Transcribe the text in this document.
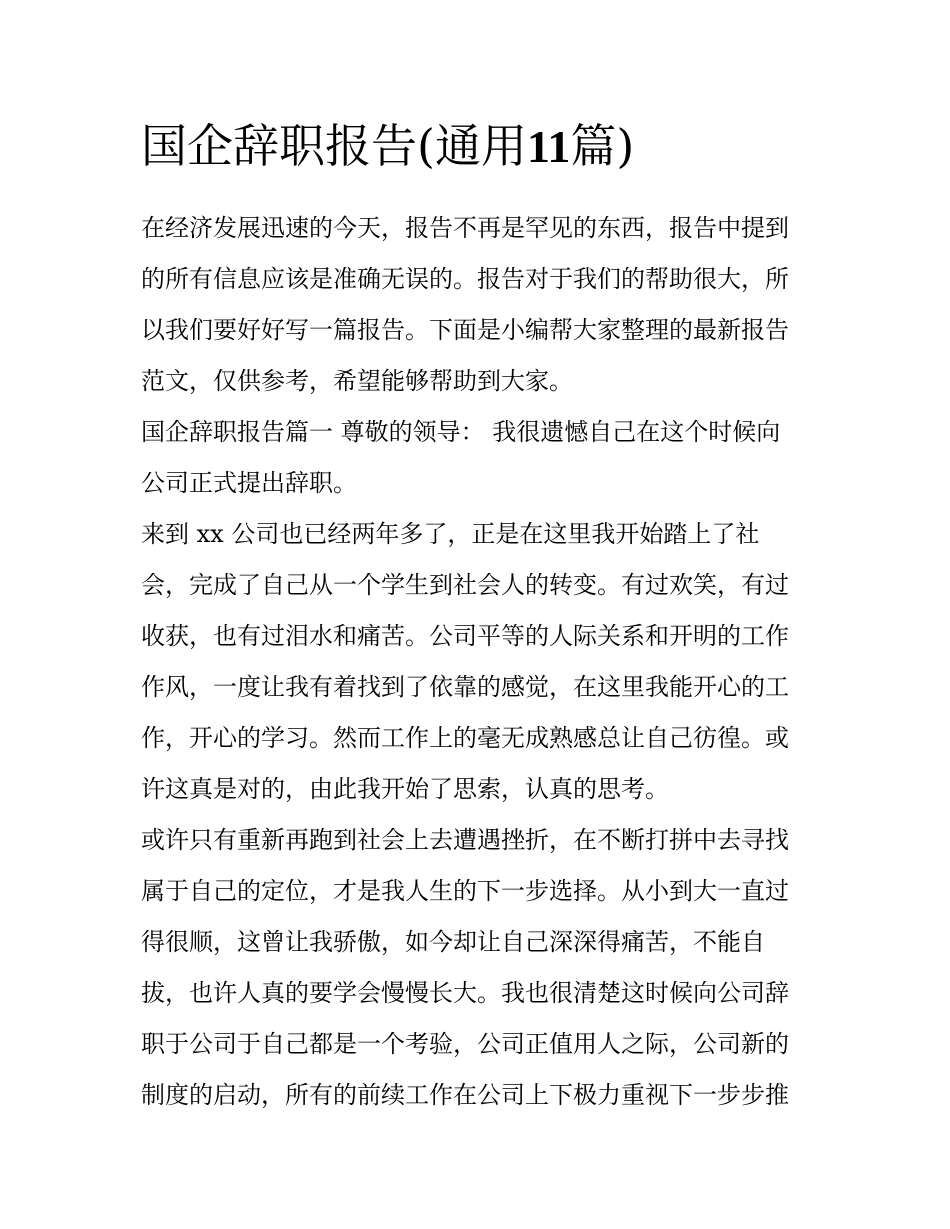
国企辞职报告(通用11篇)

在经济发展迅速的今天，报告不再是罕见的东西，报告中提到
的所有信息应该是准确无误的。报告对于我们的帮助很大，所
以我们要好好写一篇报告。下面是小编帮大家整理的最新报告
范文，仅供参考，希望能够帮助到大家。

国企辞职报告篇一 尊敬的领导： 我很遗憾自己在这个时候向
公司正式提出辞职。

来到 xx 公司也已经两年多了，正是在这里我开始踏上了社
会，完成了自己从一个学生到社会人的转变。有过欢笑，有过
收获，也有过泪水和痛苦。公司平等的人际关系和开明的工作
作风，一度让我有着找到了依靠的感觉，在这里我能开心的工
作，开心的学习。然而工作上的毫无成熟感总让自己彷徨。或
许这真是对的，由此我开始了思索，认真的思考。

或许只有重新再跑到社会上去遭遇挫折，在不断打拼中去寻找
属于自己的定位，才是我人生的下一步选择。从小到大一直过
得很顺，这曾让我骄傲，如今却让自己深深得痛苦，不能自
拔，也许人真的要学会慢慢长大。我也很清楚这时候向公司辞
职于公司于自己都是一个考验，公司正值用人之际，公司新的
制度的启动，所有的前续工作在公司上下极力重视下一步步推
